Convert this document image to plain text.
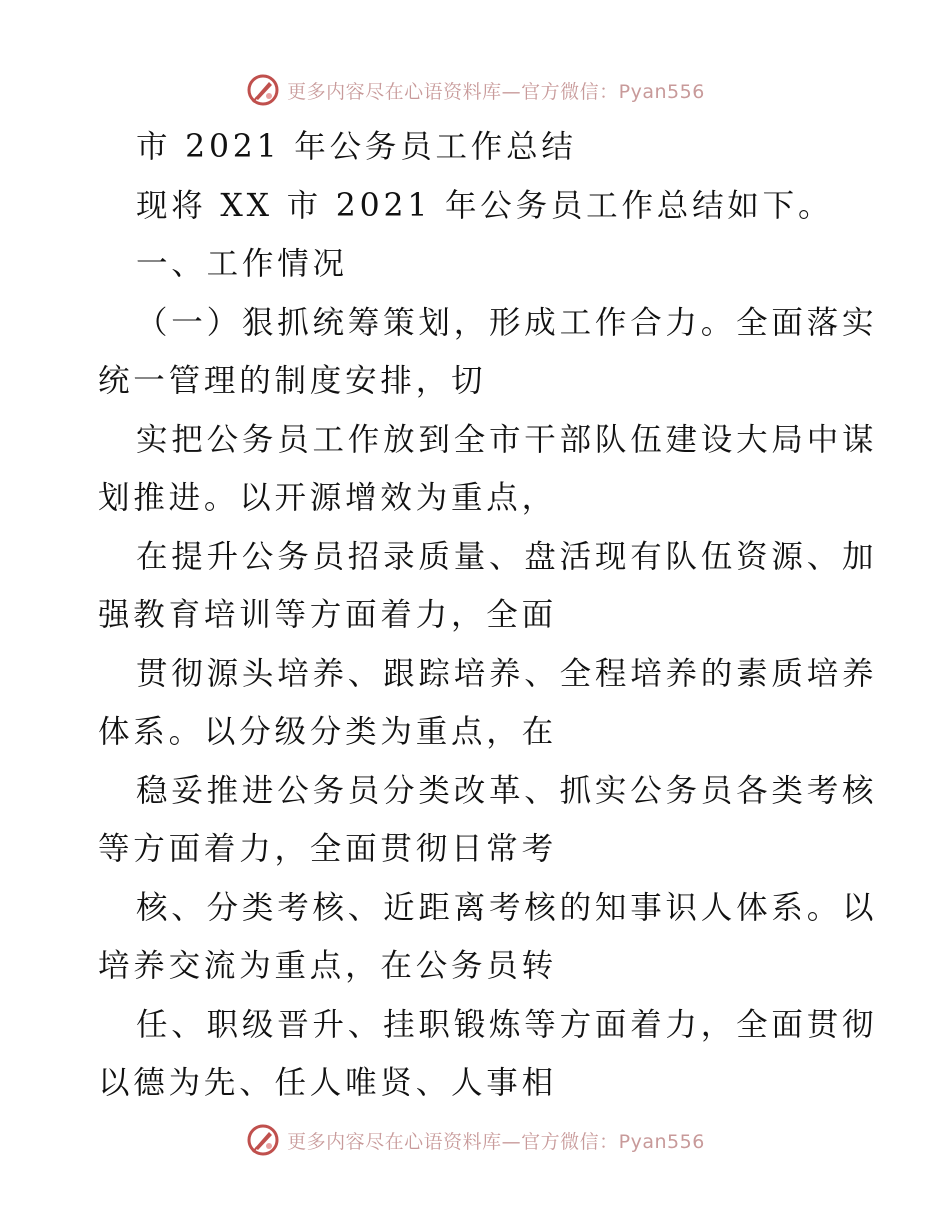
更多内容尽在心语资料库—官方微信：Pyan556
市 2021 年公务员工作总结
现将 XX 市 2021 年公务员工作总结如下。
一、工作情况
（一）狠抓统筹策划，形成工作合力。全面落实
统一管理的制度安排，切
实把公务员工作放到全市干部队伍建设大局中谋
划推进。以开源增效为重点，
在提升公务员招录质量、盘活现有队伍资源、加
强教育培训等方面着力，全面
贯彻源头培养、跟踪培养、全程培养的素质培养
体系。以分级分类为重点，在
稳妥推进公务员分类改革、抓实公务员各类考核
等方面着力，全面贯彻日常考
核、分类考核、近距离考核的知事识人体系。以
培养交流为重点，在公务员转
任、职级晋升、挂职锻炼等方面着力，全面贯彻
以德为先、任人唯贤、人事相
更多内容尽在心语资料库—官方微信：Pyan556
